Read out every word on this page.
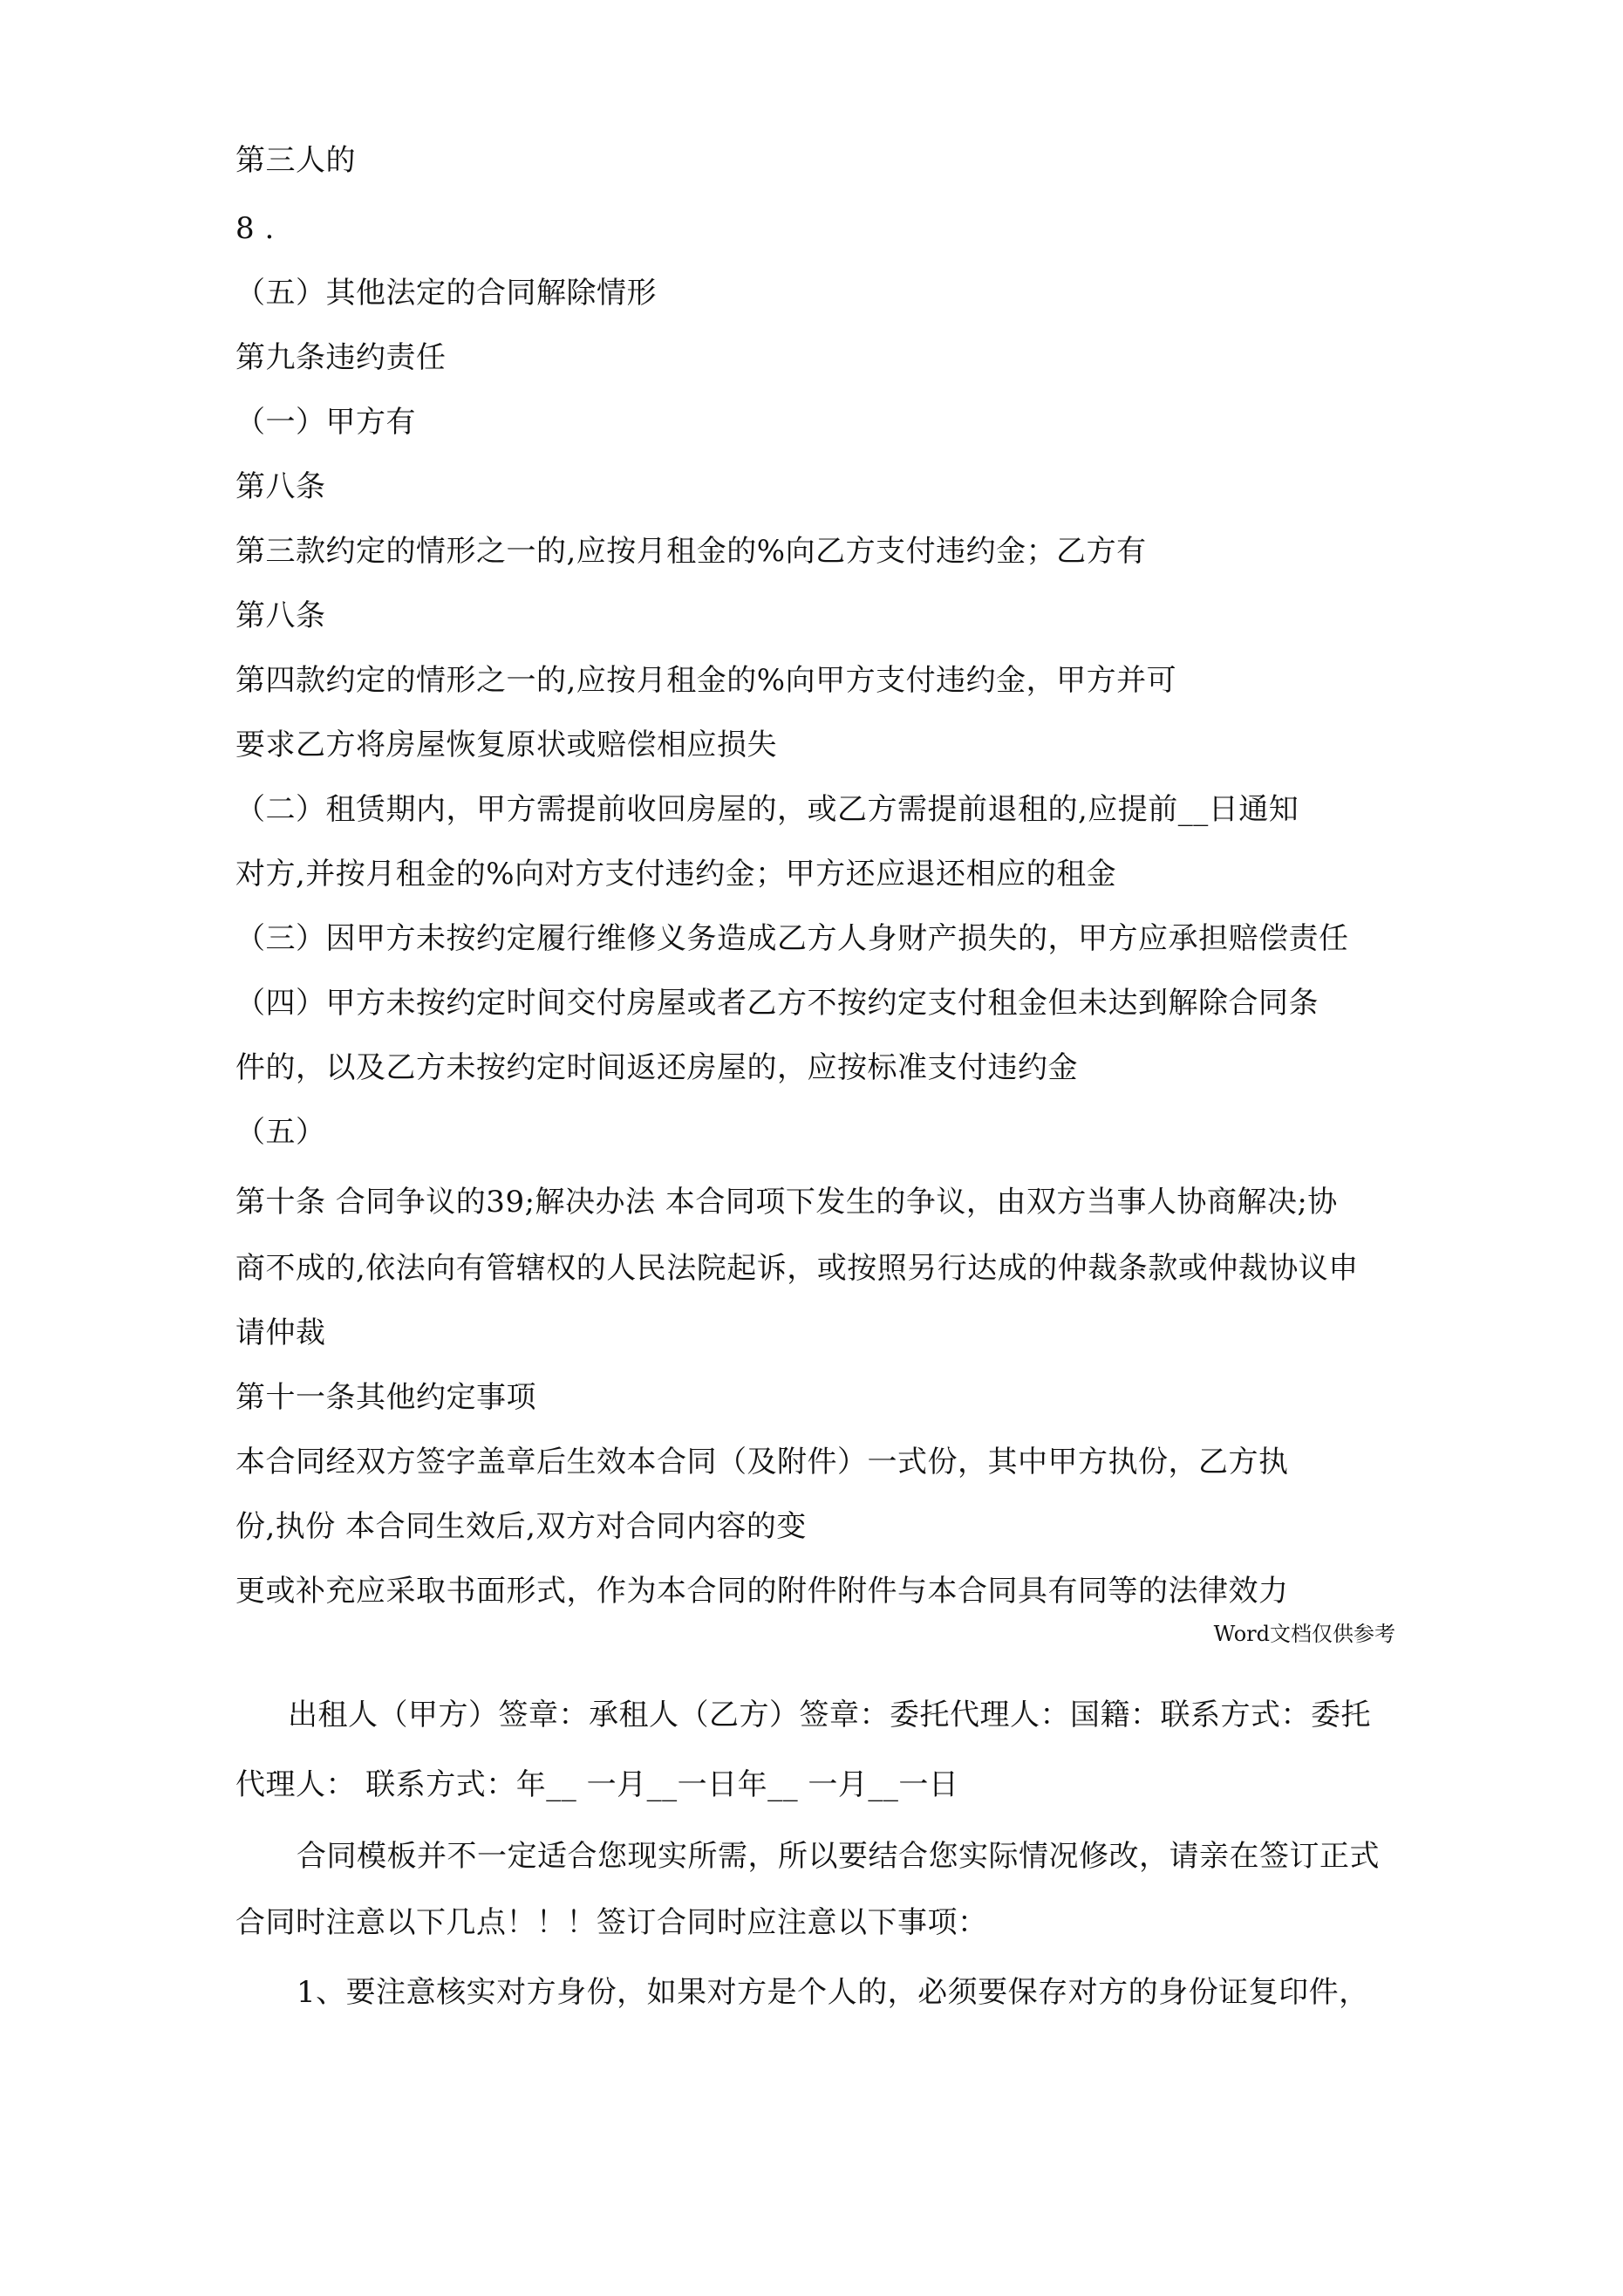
第三人的
8 .
（五）其他法定的合同解除情形
第九条违约责任
（一）甲方有
第八条
第三款约定的情形之一的,应按月租金的%向乙方支付违约金；乙方有
第八条
第四款约定的情形之一的,应按月租金的%向甲方支付违约金，甲方并可
要求乙方将房屋恢复原状或赔偿相应损失
（二）租赁期内，甲方需提前收回房屋的，或乙方需提前退租的,应提前__日通知
对方,并按月租金的%向对方支付违约金；甲方还应退还相应的租金
（三）因甲方未按约定履行维修义务造成乙方人身财产损失的，甲方应承担赔偿责任
（四）甲方未按约定时间交付房屋或者乙方不按约定支付租金但未达到解除合同条
件的，以及乙方未按约定时间返还房屋的，应按标准支付违约金
（五）
第十条 合同争议的39;解决办法 本合同项下发生的争议，由双方当事人协商解决;协
商不成的,依法向有管辖权的人民法院起诉，或按照另行达成的仲裁条款或仲裁协议申
请仲裁
第十一条其他约定事项
本合同经双方签字盖章后生效本合同（及附件）一式份，其中甲方执份，乙方执
份,执份 本合同生效后,双方对合同内容的变
更或补充应采取书面形式，作为本合同的附件附件与本合同具有同等的法律效力
Word文档仅供参考
出租人（甲方）签章：承租人（乙方）签章：委托代理人：国籍：联系方式：委托
代理人： 联系方式：年__ 一月__一日年__ 一月__一日
合同模板并不一定适合您现实所需，所以要结合您实际情况修改，请亲在签订正式
合同时注意以下几点！！！签订合同时应注意以下事项：
1、要注意核实对方身份，如果对方是个人的，必须要保存对方的身份证复印件，
